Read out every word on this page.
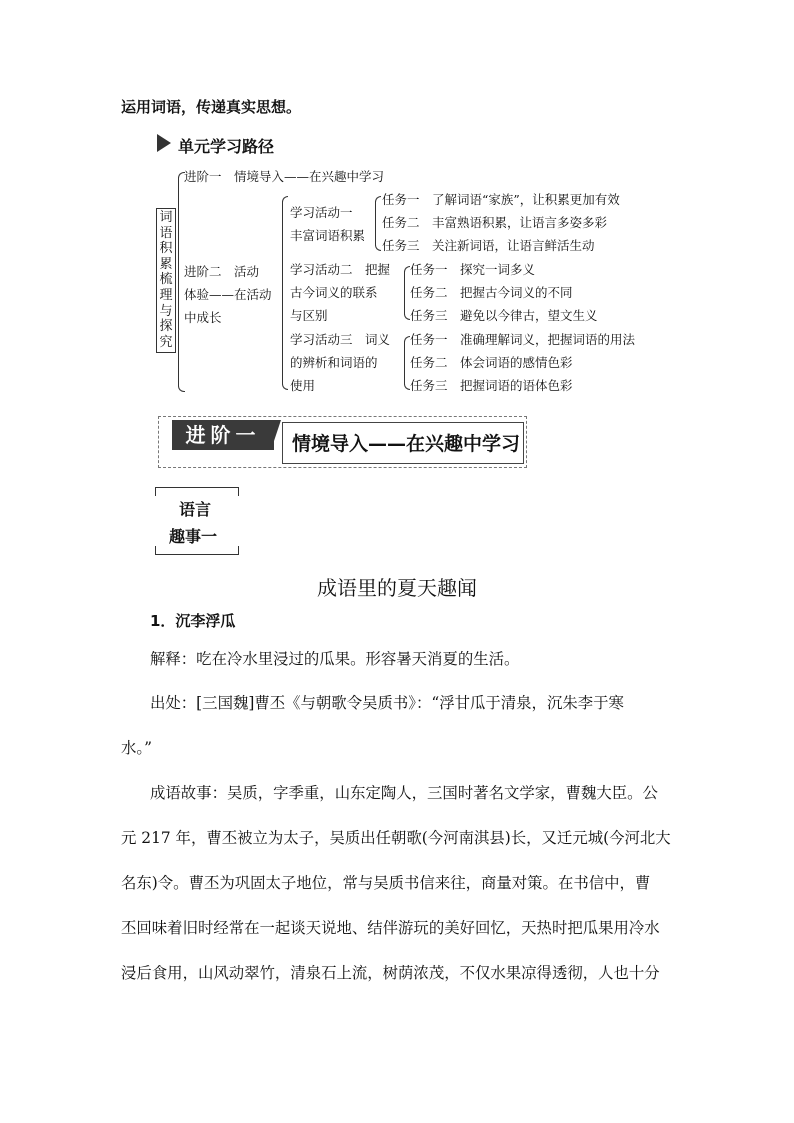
运用词语，传递真实思想。
单元学习路径
词语积累梳理与探究
进阶一　情境导入——在兴趣中学习
进阶二　活动
体验——在活动
中成长
学习活动一
丰富词语积累
任务一　了解词语“家族”，让积累更加有效
任务二　丰富熟语积累，让语言多姿多彩
任务三　关注新词语，让语言鲜活生动
学习活动二　把握
古今词义的联系
与区别
任务一　探究一词多义
任务二　把握古今词义的不同
任务三　避免以今律古，望文生义
学习活动三　词义
的辨析和词语的
使用
任务一　准确理解词义，把握词语的用法
任务二　体会词语的感情色彩
任务三　把握词语的语体色彩
进阶一	情境导入——在兴趣中学习
语言
趣事一
成语里的夏天趣闻
1．沉李浮瓜
解释：吃在冷水里浸过的瓜果。形容暑天消夏的生活。
出处：[三国魏]曹丕《与朝歌令吴质书》：“浮甘瓜于清泉，沉朱李于寒
水。”
成语故事：吴质，字季重，山东定陶人，三国时著名文学家，曹魏大臣。公
元 217 年，曹丕被立为太子，吴质出任朝歌(今河南淇县)长，又迁元城(今河北大
名东)令。曹丕为巩固太子地位，常与吴质书信来往，商量对策。在书信中，曹
丕回味着旧时经常在一起谈天说地、结伴游玩的美好回忆，天热时把瓜果用冷水
浸后食用，山风动翠竹，清泉石上流，树荫浓茂，不仅水果凉得透彻，人也十分
